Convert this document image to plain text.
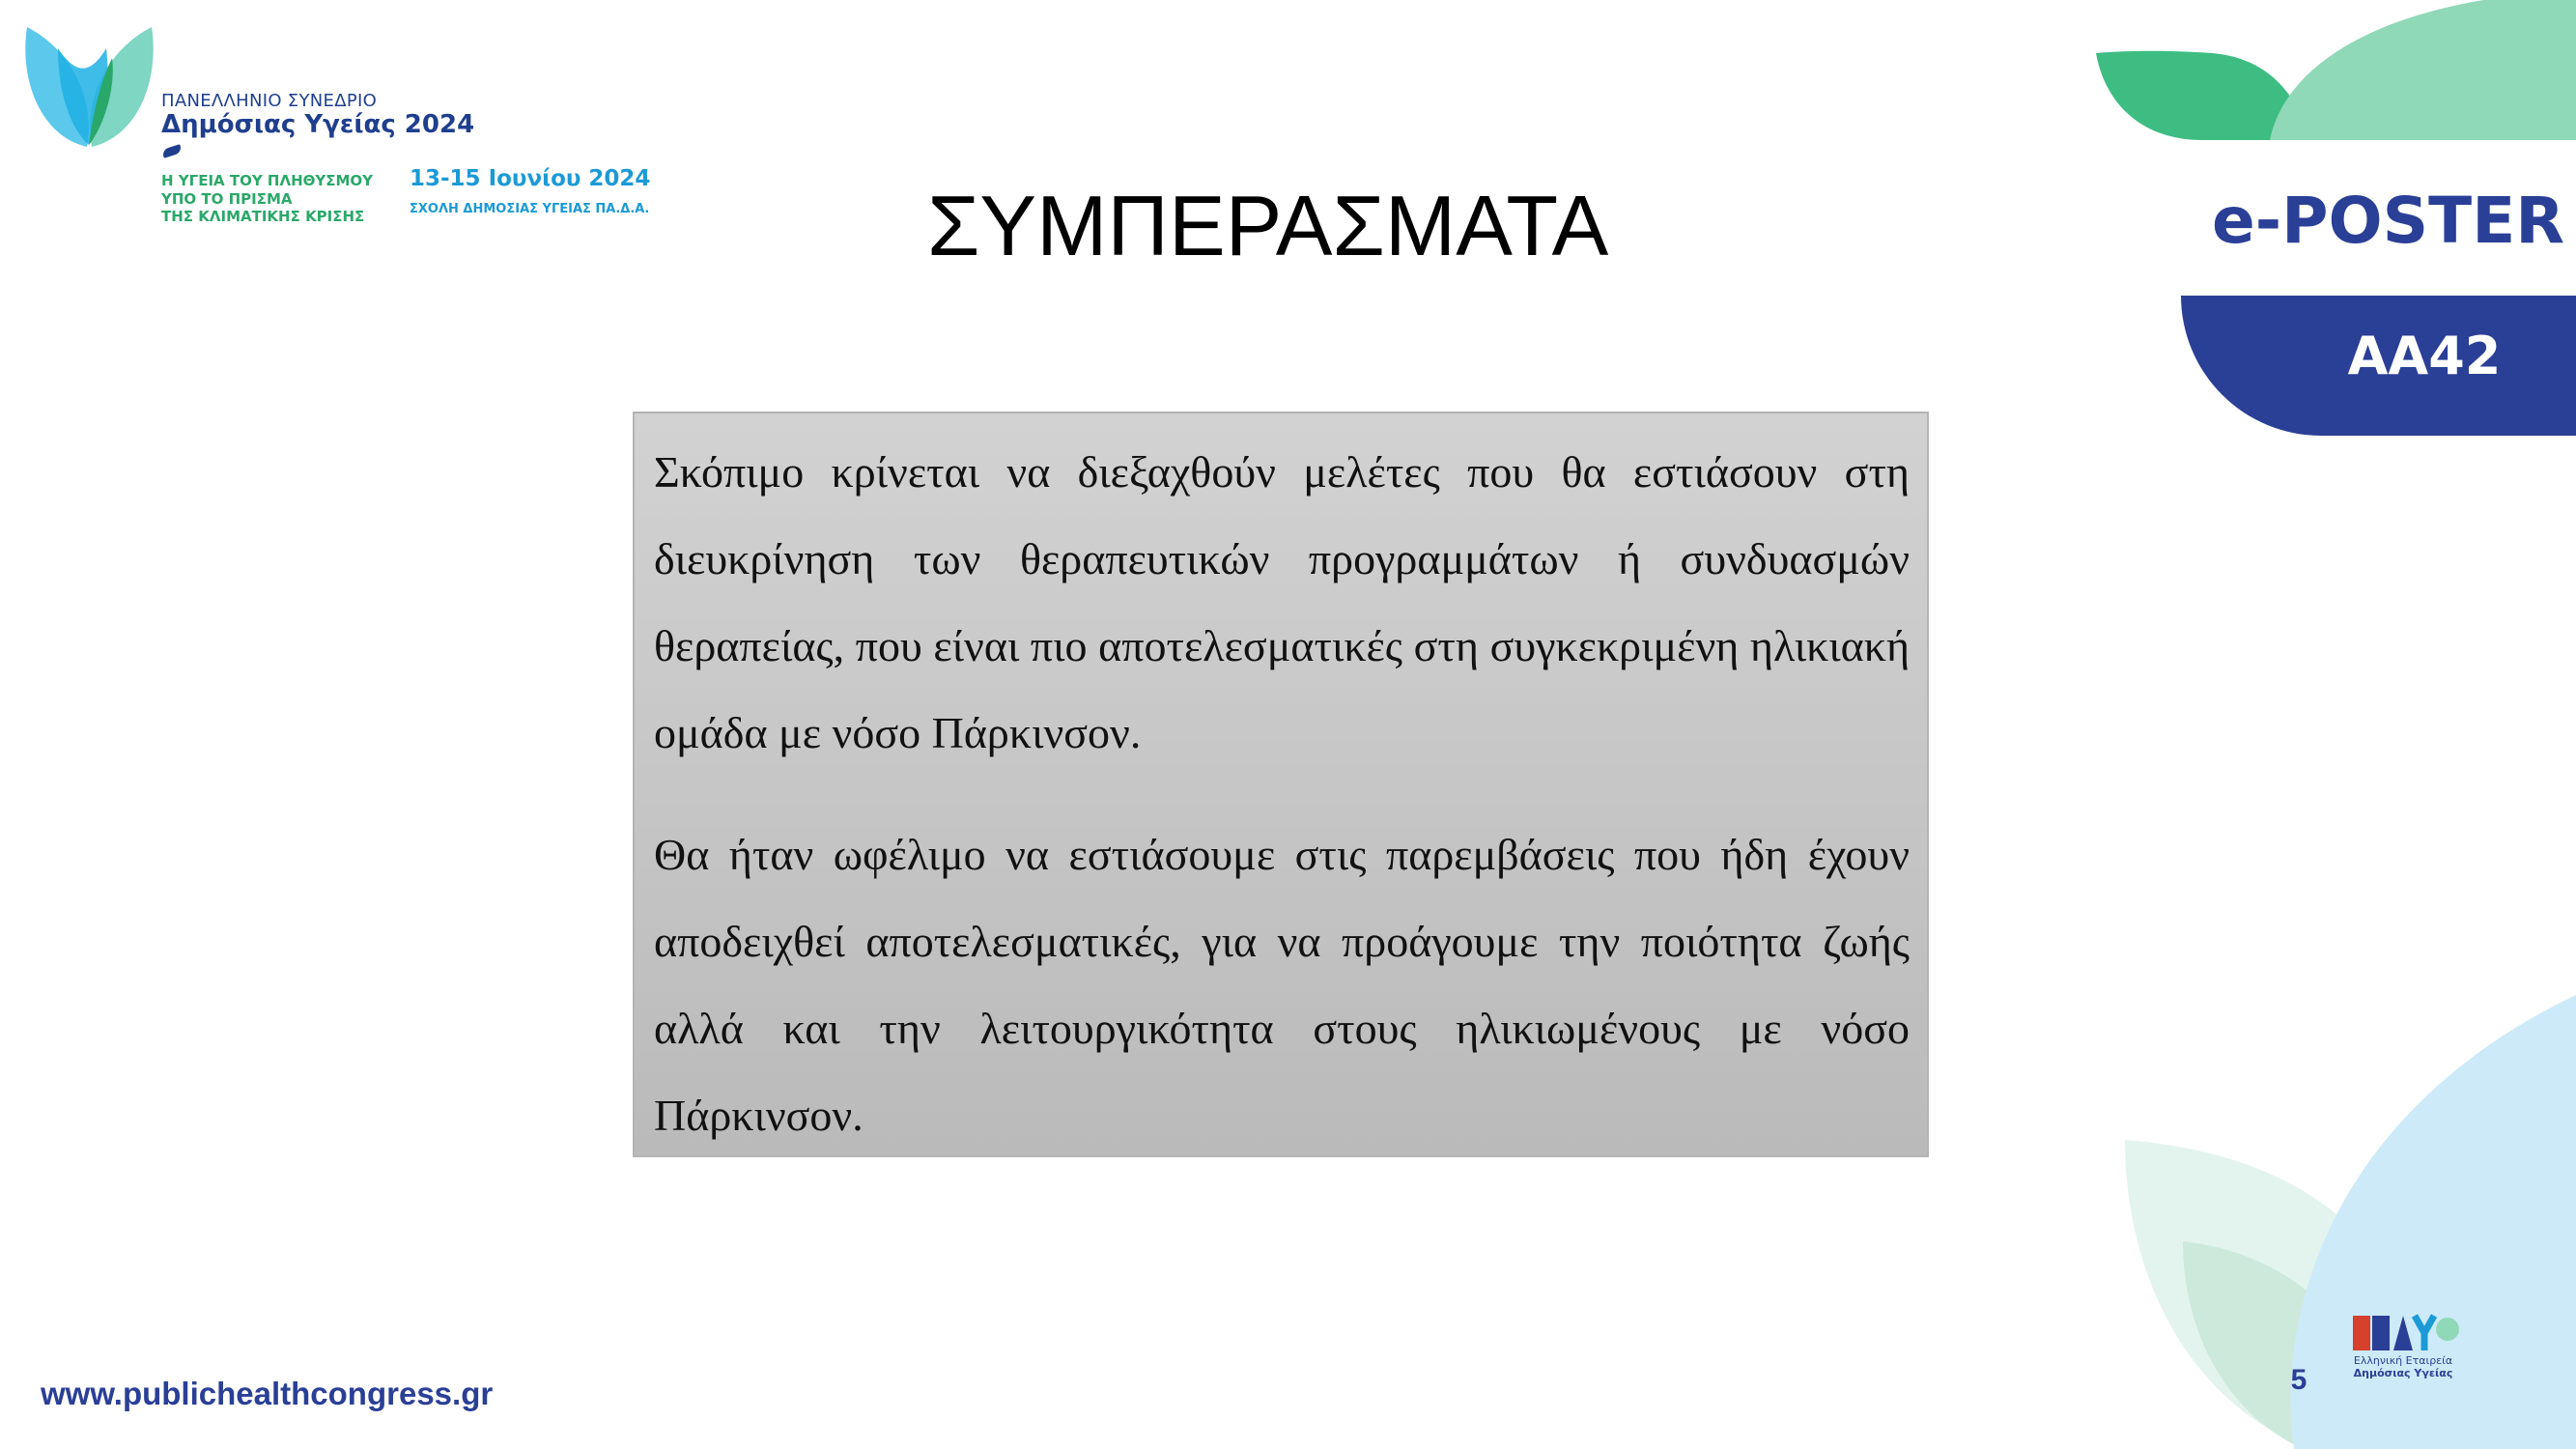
ΠΑΝΕΛΛΗΝΙΟ ΣΥΝΕΔΡΙΟ
Δημόσιας Υγείας 2024
Η ΥΓΕΙΑ ΤΟΥ ΠΛΗΘΥΣΜΟΥ
ΥΠΟ ΤΟ ΠΡΙΣΜΑ
ΤΗΣ ΚΛΙΜΑΤΙΚΗΣ ΚΡΙΣΗΣ
13-15 Ιουνίου 2024
ΣΧΟΛΗ ΔΗΜΟΣΙΑΣ ΥΓΕΙΑΣ ΠΑ.Δ.Α.	ΣΥΜΠΕΡΑΣΜΑΤΑ	e-POSTER
ΑΑ42

Σκόπιμο κρίνεται να διεξαχθούν μελέτες που θα εστιάσουν στη διευκρίνηση των θεραπευτικών προγραμμάτων ή συνδυασμών θεραπείας, που είναι πιο αποτελεσματικές στη συγκεκριμένη ηλικιακή ομάδα με νόσο Πάρκινσον.

Θα ήταν ωφέλιμο να εστιάσουμε στις παρεμβάσεις που ήδη έχουν αποδειχθεί αποτελεσματικές, για να προάγουμε την ποιότητα ζωής αλλά και την λειτουργικότητα στους ηλικιωμένους με νόσο Πάρκινσον.

Ελληνική Εταιρεία
Δημόσιας Υγείας
5
www.publichealthcongress.gr
